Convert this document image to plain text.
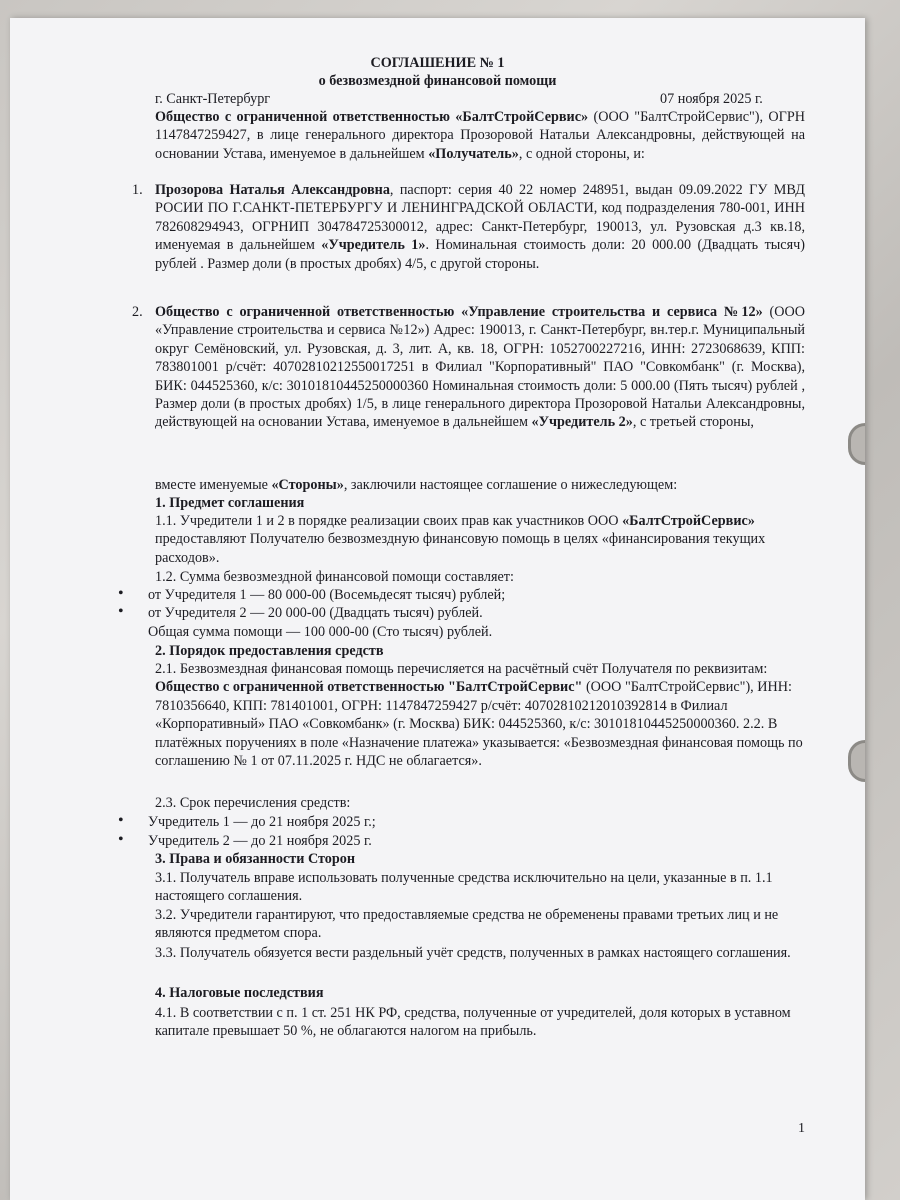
СОГЛАШЕНИЕ № 1
о безвозмездной финансовой помощи
г. Санкт-Петербург	07 ноября 2025 г.
Общество с ограниченной ответственностью «БалтСтройСервис» (ООО "БалтСтройСервис"), ОГРН 1147847259427, в лице генерального директора Прозоровой Натальи Александровны, действующей на основании Устава, именуемое в дальнейшем «Получатель», с одной стороны, и:
1. Прозорова Наталья Александровна, паспорт: серия 40 22 номер 248951, выдан 09.09.2022 ГУ МВД РОСИИ ПО Г.САНКТ-ПЕТЕРБУРГУ И ЛЕНИНГРАДСКОЙ ОБЛАСТИ, код подразделения 780-001, ИНН 782608294943, ОГРНИП 304784725300012, адрес: Санкт-Петербург, 190013, ул. Рузовская д.3 кв.18, именуемая в дальнейшем «Учредитель 1». Номинальная стоимость доли: 20 000.00 (Двадцать тысяч) рублей . Размер доли (в простых дробях) 4/5, с другой стороны.
2. Общество с ограниченной ответственностью «Управление строительства и сервиса №12» (ООО «Управление строительства и сервиса №12») Адрес: 190013, г. Санкт-Петербург, вн.тер.г. Муниципальный округ Семёновский, ул. Рузовская, д. 3, лит. А, кв. 18, ОГРН: 1052700227216, ИНН: 2723068639, КПП: 783801001 р/счёт: 40702810212550017251 в Филиал "Корпоративный" ПАО "Совкомбанк" (г. Москва), БИК: 044525360, к/с: 30101810445250000360 Номинальная стоимость доли: 5 000.00 (Пять тысяч) рублей , Размер доли (в простых дробях) 1/5, в лице генерального директора Прозоровой Натальи Александровны, действующей на основании Устава, именуемое в дальнейшем «Учредитель 2», с третьей стороны,
вместе именуемые «Стороны», заключили настоящее соглашение о нижеследующем:
1. Предмет соглашения
1.1. Учредители 1 и 2 в порядке реализации своих прав как участников ООО «БалтСтройСервис» предоставляют Получателю безвозмездную финансовую помощь в целях «финансирования текущих расходов».
1.2. Сумма безвозмездной финансовой помощи составляет:
• от Учредителя 1 — 80 000-00 (Восемьдесят тысяч) рублей;
• от Учредителя 2 — 20 000-00 (Двадцать тысяч) рублей.
Общая сумма помощи — 100 000-00 (Сто тысяч) рублей.
2. Порядок предоставления средств
2.1. Безвозмездная финансовая помощь перечисляется на расчётный счёт Получателя по реквизитам: Общество с ограниченной ответственностью "БалтСтройСервис" (ООО "БалтСтройСервис"), ИНН: 7810356640, КПП: 781401001, ОГРН: 1147847259427 р/счёт: 40702810212010392814 в Филиал «Корпоративный» ПАО «Совкомбанк» (г. Москва) БИК: 044525360, к/с: 30101810445250000360. 2.2. В платёжных поручениях в поле «Назначение платежа» указывается: «Безвозмездная финансовая помощь по соглашению № 1 от 07.11.2025 г. НДС не облагается».
2.3. Срок перечисления средств:
• Учредитель 1 — до 21 ноября 2025 г.;
• Учредитель 2 — до 21 ноября 2025 г.
3. Права и обязанности Сторон
3.1. Получатель вправе использовать полученные средства исключительно на цели, указанные в п. 1.1 настоящего соглашения.
3.2. Учредители гарантируют, что предоставляемые средства не обременены правами третьих лиц и не являются предметом спора.
3.3. Получатель обязуется вести раздельный учёт средств, полученных в рамках настоящего соглашения.
4. Налоговые последствия
4.1. В соответствии с п. 1 ст. 251 НК РФ, средства, полученные от учредителей, доля которых в уставном капитале превышает 50 %, не облагаются налогом на прибыль.
1
